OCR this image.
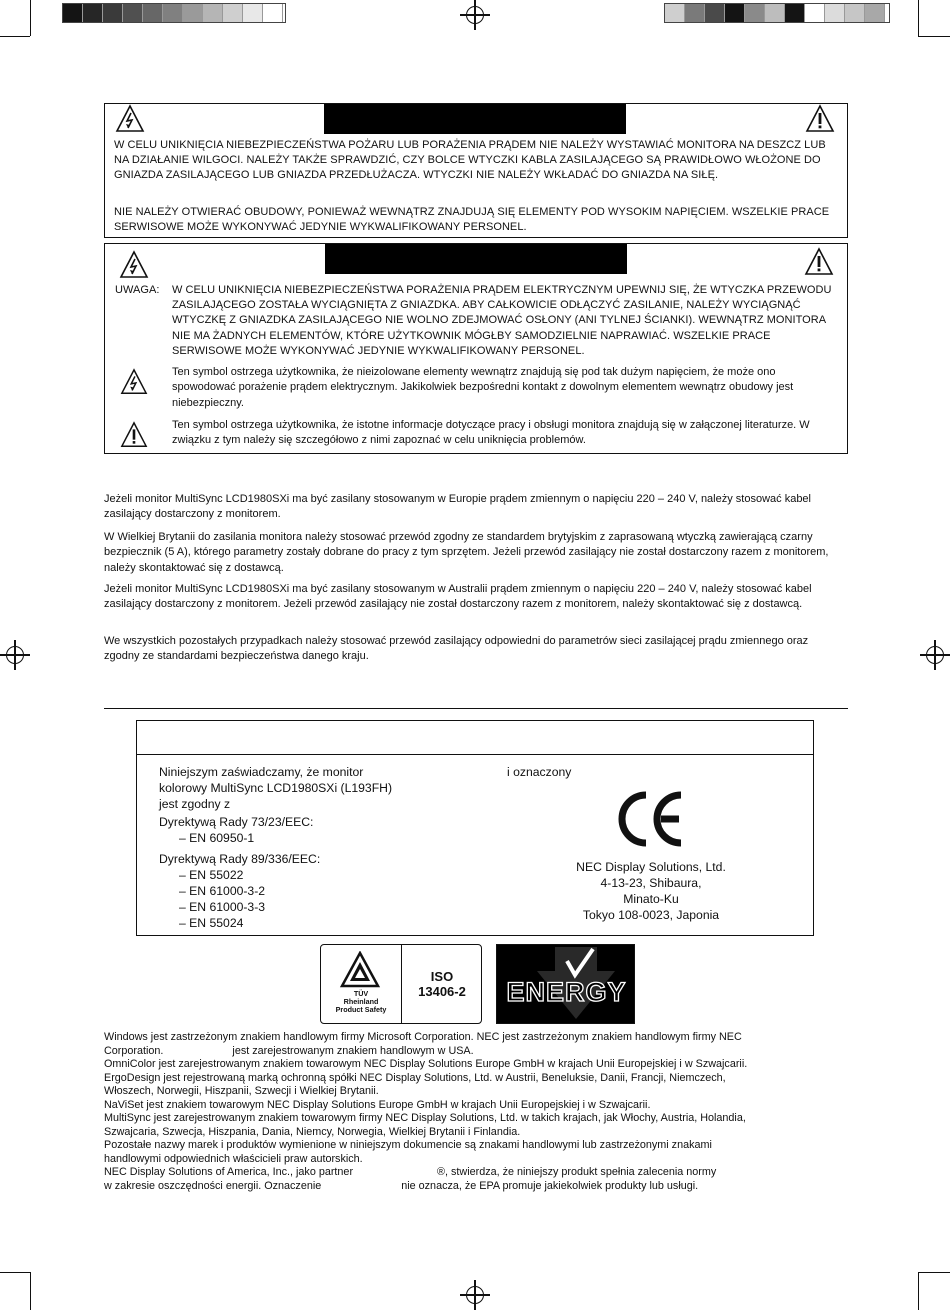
W CELU UNIKNIĘCIA NIEBEZPIECZEŃSTWA POŻARU LUB PORAŻENIA PRĄDEM NIE NALEŻY WYSTAWIAĆ MONITORA NA DESZCZ LUB NA DZIAŁANIE WILGOCI. NALEŻY TAKŻE SPRAWDZIĆ, CZY BOLCE WTYCZKI KABLA ZASILAJĄCEGO SĄ PRAWIDŁOWO WŁOŻONE DO GNIAZDA ZASILAJĄCEGO LUB GNIAZDA PRZEDŁUŻACZA. WTYCZKI NIE NALEŻY WKŁADAĆ DO GNIAZDA NA SIŁĘ.

NIE NALEŻY OTWIERAĆ OBUDOWY, PONIEWAŻ WEWNĄTRZ ZNAJDUJĄ SIĘ ELEMENTY POD WYSOKIM NAPIĘCIEM. WSZELKIE PRACE SERWISOWE MOŻE WYKONYWAĆ JEDYNIE WYKWALIFIKOWANY PERSONEL.

UWAGA: W CELU UNIKNIĘCIA NIEBEZPIECZEŃSTWA PORAŻENIA PRĄDEM ELEKTRYCZNYM UPEWNIJ SIĘ, ŻE WTYCZKA PRZEWODU ZASILAJĄCEGO ZOSTAŁA WYCIĄGNIĘTA Z GNIAZDKA. ABY CAŁKOWICIE ODŁĄCZYĆ ZASILANIE, NALEŻY WYCIĄGNĄĆ WTYCZKĘ Z GNIAZDKA ZASILAJĄCEGO NIE WOLNO ZDEJMOWAĆ OSŁONY (ANI TYLNEJ ŚCIANKI). WEWNĄTRZ MONITORA NIE MA ŻADNYCH ELEMENTÓW, KTÓRE UŻYTKOWNIK MÓGŁBY SAMODZIELNIE NAPRAWIAĆ. WSZELKIE PRACE SERWISOWE MOŻE WYKONYWAĆ JEDYNIE WYKWALIFIKOWANY PERSONEL.

Ten symbol ostrzega użytkownika, że nieizolowane elementy wewnątrz znajdują się pod tak dużym napięciem, że może ono spowodować porażenie prądem elektrycznym. Jakikolwiek bezpośredni kontakt z dowolnym elementem wewnątrz obudowy jest niebezpieczny.

Ten symbol ostrzega użytkownika, że istotne informacje dotyczące pracy i obsługi monitora znajdują się w załączonej literaturze. W związku z tym należy się szczegółowo z nimi zapoznać w celu uniknięcia problemów.

Jeżeli monitor MultiSync LCD1980SXi ma być zasilany stosowanym w Europie prądem zmiennym o napięciu 220 – 240 V, należy stosować kabel zasilający dostarczony z monitorem.

W Wielkiej Brytanii do zasilania monitora należy stosować przewód zgodny ze standardem brytyjskim z zaprasowaną wtyczką zawierającą czarny bezpiecznik (5 A), którego parametry zostały dobrane do pracy z tym sprzętem. Jeżeli przewód zasilający nie został dostarczony razem z monitorem, należy skontaktować się z dostawcą.

Jeżeli monitor MultiSync LCD1980SXi ma być zasilany stosowanym w Australii prądem zmiennym o napięciu 220 – 240 V, należy stosować kabel zasilający dostarczony z monitorem. Jeżeli przewód zasilający nie został dostarczony razem z monitorem, należy skontaktować się z dostawcą.

We wszystkich pozostałych przypadkach należy stosować przewód zasilający odpowiedni do parametrów sieci zasilającej prądu zmiennego oraz zgodny ze standardami bezpieczeństwa danego kraju.

Niniejszym zaświadczamy, że monitor
kolorowy MultiSync LCD1980SXi (L193FH)
jest zgodny z
Dyrektywą Rady 73/23/EEC:
– EN 60950-1
Dyrektywą Rady 89/336/EEC:
– EN 55022
– EN 61000-3-2
– EN 61000-3-3
– EN 55024
i oznaczony
NEC Display Solutions, Ltd.
4-13-23, Shibaura,
Minato-Ku
Tokyo 108-0023, Japonia
TÜV
Rheinland
Product Safety
ISO
13406-2	ENERGY
Windows jest zastrzeżonym znakiem handlowym firmy Microsoft Corporation. NEC jest zastrzeżonym znakiem handlowym firmy NEC
Corporation.	jest zarejestrowanym znakiem handlowym w USA.
OmniColor jest zarejestrowanym znakiem towarowym NEC Display Solutions Europe GmbH w krajach Unii Europejskiej i w Szwajcarii.
ErgoDesign jest rejestrowaną marką ochronną spółki NEC Display Solutions, Ltd. w Austrii, Beneluksie, Danii, Francji, Niemczech,
Włoszech, Norwegii, Hiszpanii, Szwecji i Wielkiej Brytanii.
NaViSet jest znakiem towarowym NEC Display Solutions Europe GmbH w krajach Unii Europejskiej i w Szwajcarii.
MultiSync jest zarejestrowanym znakiem towarowym firmy NEC Display Solutions, Ltd. w takich krajach, jak Włochy, Austria, Holandia,
Szwajcaria, Szwecja, Hiszpania, Dania, Niemcy, Norwegia, Wielkiej Brytanii i Finlandia.
Pozostałe nazwy marek i produktów wymienione w niniejszym dokumencie są znakami handlowymi lub zastrzeżonymi znakami
handlowymi odpowiednich właścicieli praw autorskich.
NEC Display Solutions of America, Inc., jako partner	®, stwierdza, że niniejszy produkt spełnia zalecenia normy
w zakresie oszczędności energii. Oznaczenie	nie oznacza, że EPA promuje jakiekolwiek produkty lub usługi.
